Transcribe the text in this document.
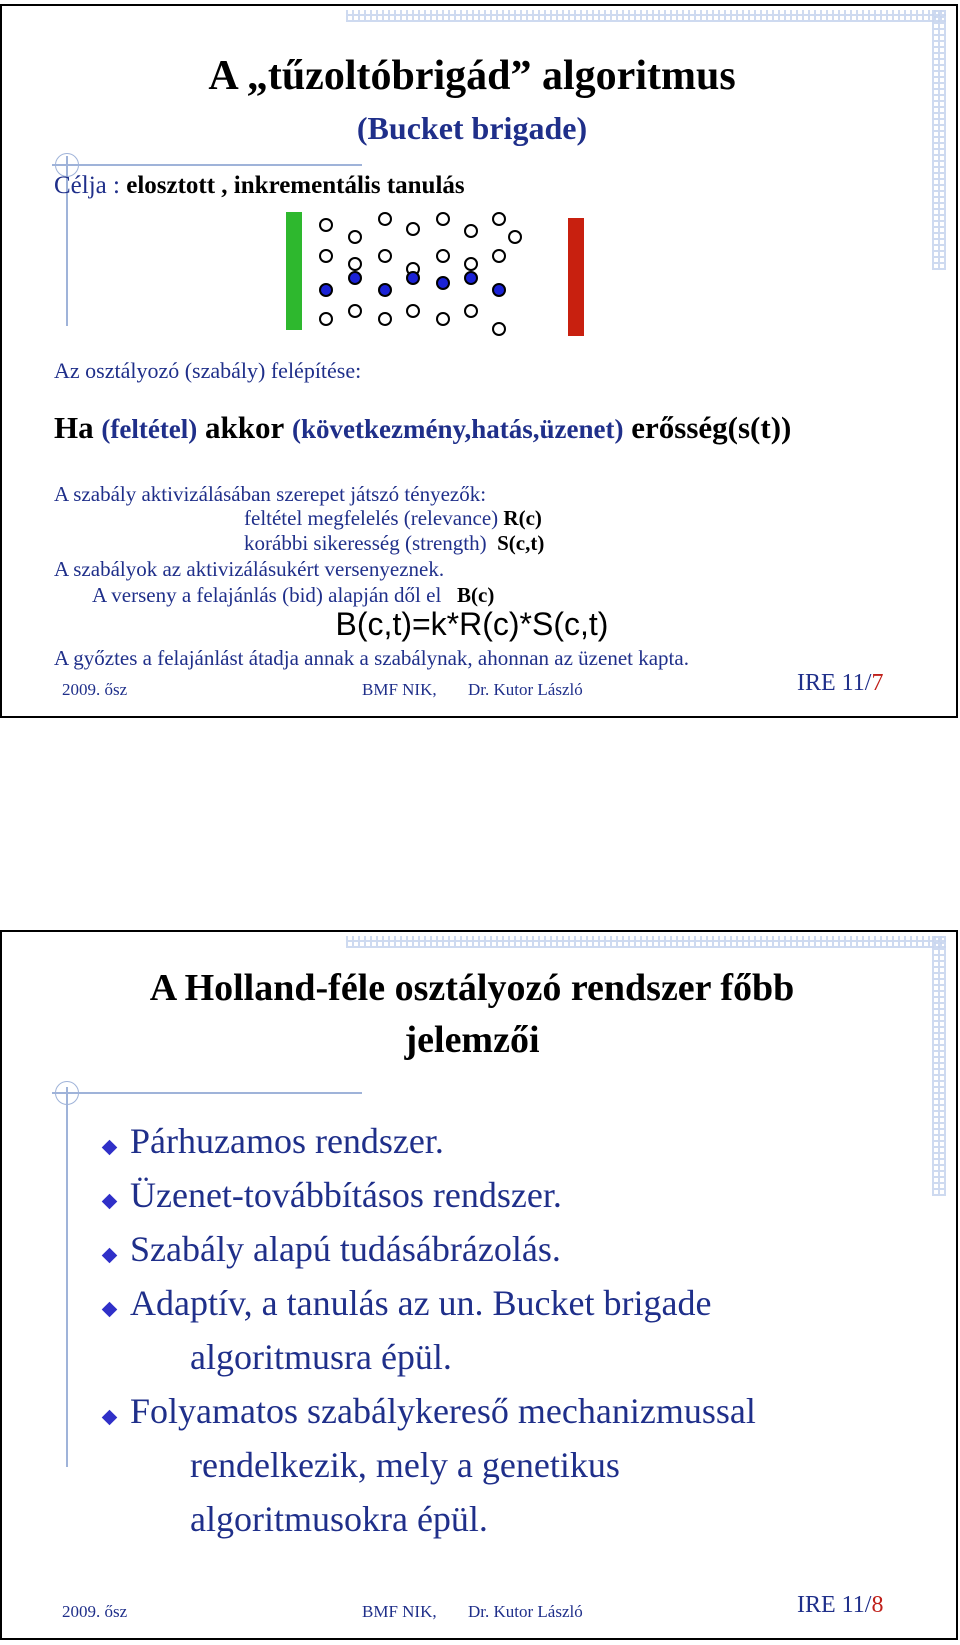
A „tűzoltóbrigád” algoritmus
(Bucket brigade)
Célja : elosztott , inkrementális tanulás
Az osztályozó (szabály) felépítése:
Ha (feltétel) akkor (következmény,hatás,üzenet) erősség(s(t))
A szabály aktivizálásában szerepet játszó tényezők:
feltétel megfelelés (relevance) R(c)
korábbi sikeresség (strength) S(c,t)
A szabályok az aktivizálásukért versenyeznek.
A verseny a felajánlás (bid) alapján dől el B(c)
B(c,t)=k*R(c)*S(c,t)
A győztes a felajánlást átadja annak a szabálynak, ahonnan az üzenet kapta.
2009. ősz	BMF NIK, Dr. Kutor László	IRE 11/7
A Holland-féle osztályozó rendszer főbb
jelemzői
Párhuzamos rendszer.
Üzenet-továbbításos rendszer.
Szabály alapú tudásábrázolás.
Adaptív, a tanulás az un. Bucket brigade
algoritmusra épül.
Folyamatos szabálykereső mechanizmussal
rendelkezik, mely a genetikus
algoritmusokra épül.
2009. ősz	BMF NIK, Dr. Kutor László	IRE 11/8
